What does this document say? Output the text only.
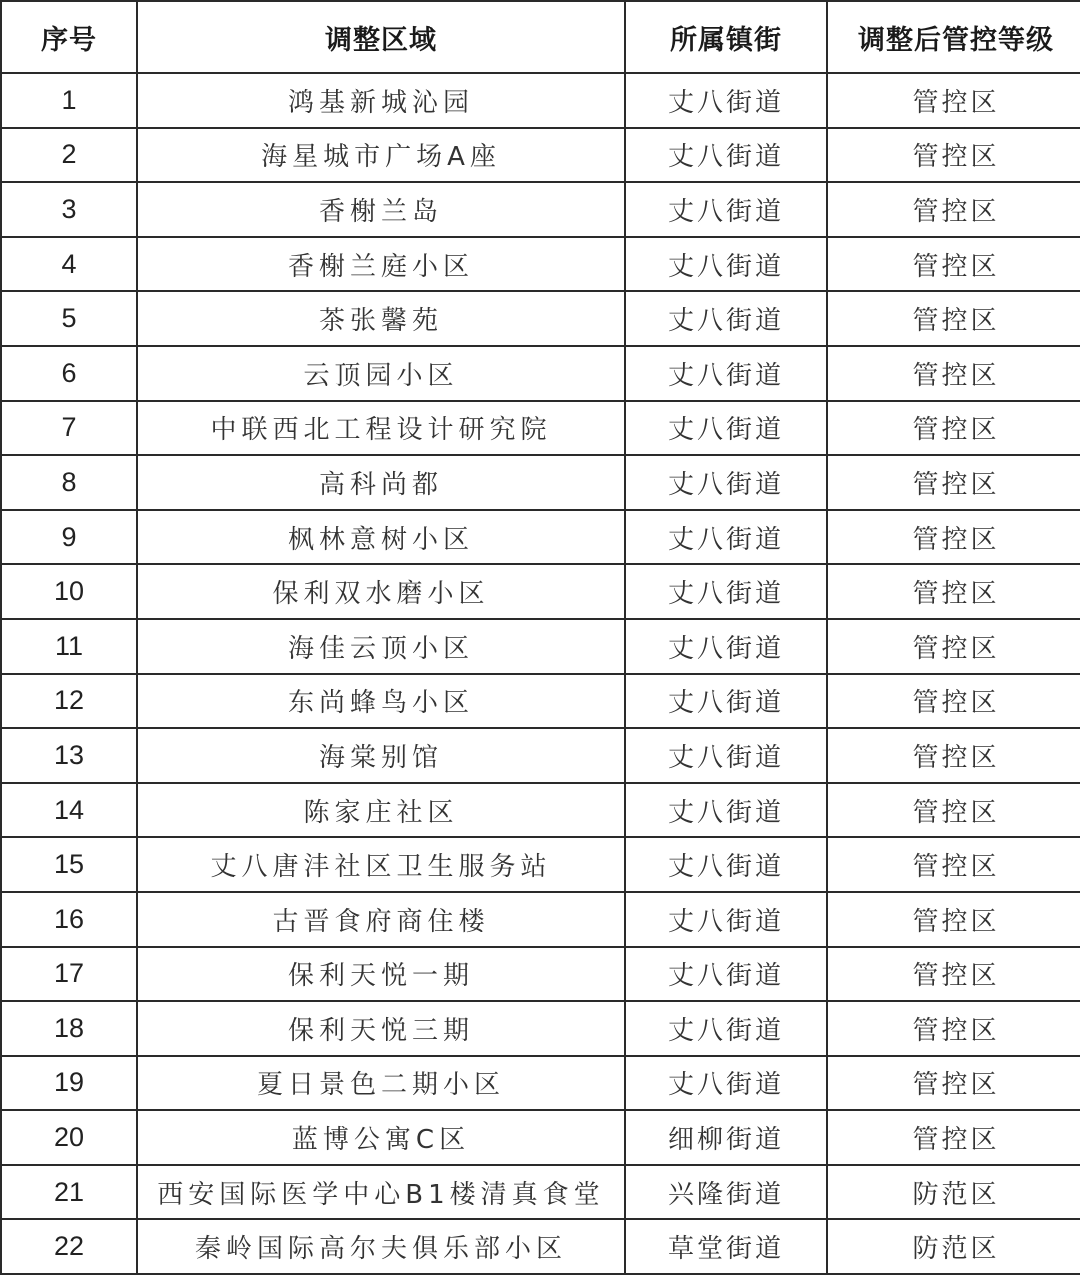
序号	调整区域	所属镇街	调整后管控等级
1	鸿基新城沁园	丈八街道	管控区
2	海星城市广场A座	丈八街道	管控区
3	香榭兰岛	丈八街道	管控区
4	香榭兰庭小区	丈八街道	管控区
5	茶张馨苑	丈八街道	管控区
6	云顶园小区	丈八街道	管控区
7	中联西北工程设计研究院	丈八街道	管控区
8	高科尚都	丈八街道	管控区
9	枫林意树小区	丈八街道	管控区
10	保利双水磨小区	丈八街道	管控区
11	海佳云顶小区	丈八街道	管控区
12	东尚蜂鸟小区	丈八街道	管控区
13	海棠别馆	丈八街道	管控区
14	陈家庄社区	丈八街道	管控区
15	丈八唐沣社区卫生服务站	丈八街道	管控区
16	古晋食府商住楼	丈八街道	管控区
17	保利天悦一期	丈八街道	管控区
18	保利天悦三期	丈八街道	管控区
19	夏日景色二期小区	丈八街道	管控区
20	蓝博公寓C区	细柳街道	管控区
21	西安国际医学中心B1楼清真食堂	兴隆街道	防范区
22	秦岭国际高尔夫俱乐部小区	草堂街道	防范区
